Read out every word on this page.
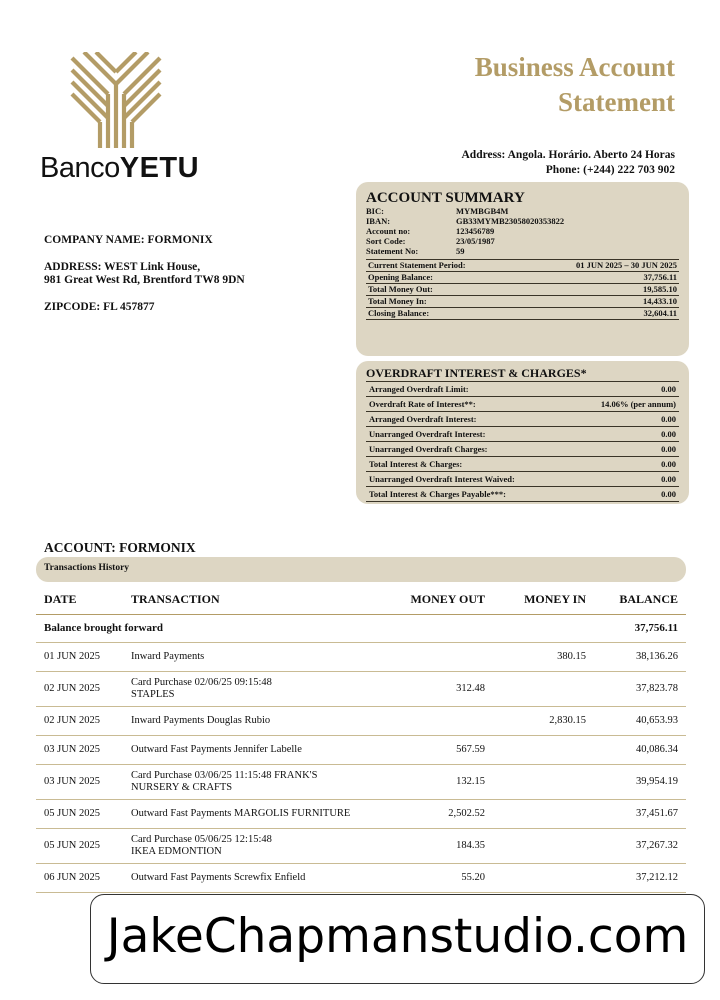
BancoYETU
Business Account
Statement
Address: Angola. Horário. Aberto 24 Horas
Phone: (+244) 222 703 902
COMPANY NAME: FORMONIX
ADDRESS: WEST Link House,
981 Great West Rd, Brentford TW8 9DN
ZIPCODE: FL 457877
ACCOUNT SUMMARY
BIC:	MYMBGB4M
IBAN:	GB33MYMB23058020353822
Account no:	123456789
Sort Code:	23/05/1987
Statement No:	59
Current Statement Period:	01 JUN 2025 – 30 JUN 2025
Opening Balance:	37,756.11
Total Money Out:	19,585.10
Total Money In:	14,433.10
Closing Balance:	32,604.11
OVERDRAFT INTEREST & CHARGES*
Arranged Overdraft Limit:	0.00
Overdraft Rate of Interest**:	14.06% (per annum)
Arranged Overdraft Interest:	0.00
Unarranged Overdraft Interest:	0.00
Unarranged Overdraft Charges:	0.00
Total Interest & Charges:	0.00
Unarranged Overdraft Interest Waived:	0.00
Total Interest & Charges Payable***:	0.00
ACCOUNT: FORMONIX
Transactions History
DATE	TRANSACTION	MONEY OUT	MONEY IN	BALANCE
Balance brought forward				37,756.11
01 JUN 2025	Inward Payments		380.15	38,136.26
02 JUN 2025	Card Purchase 02/06/25 09:15:48
STAPLES	312.48		37,823.78
02 JUN 2025	Inward Payments Douglas Rubio		2,830.15	40,653.93
03 JUN 2025	Outward Fast Payments Jennifer Labelle	567.59		40,086.34
03 JUN 2025	Card Purchase 03/06/25 11:15:48 FRANK'S
NURSERY & CRAFTS	132.15		39,954.19
05 JUN 2025	Outward Fast Payments MARGOLIS FURNITURE	2,502.52		37,451.67
05 JUN 2025	Card Purchase 05/06/25 12:15:48
IKEA EDMONTION	184.35		37,267.32
06 JUN 2025	Outward Fast Payments Screwfix Enfield	55.20		37,212.12
JakeChapmanstudio.com
